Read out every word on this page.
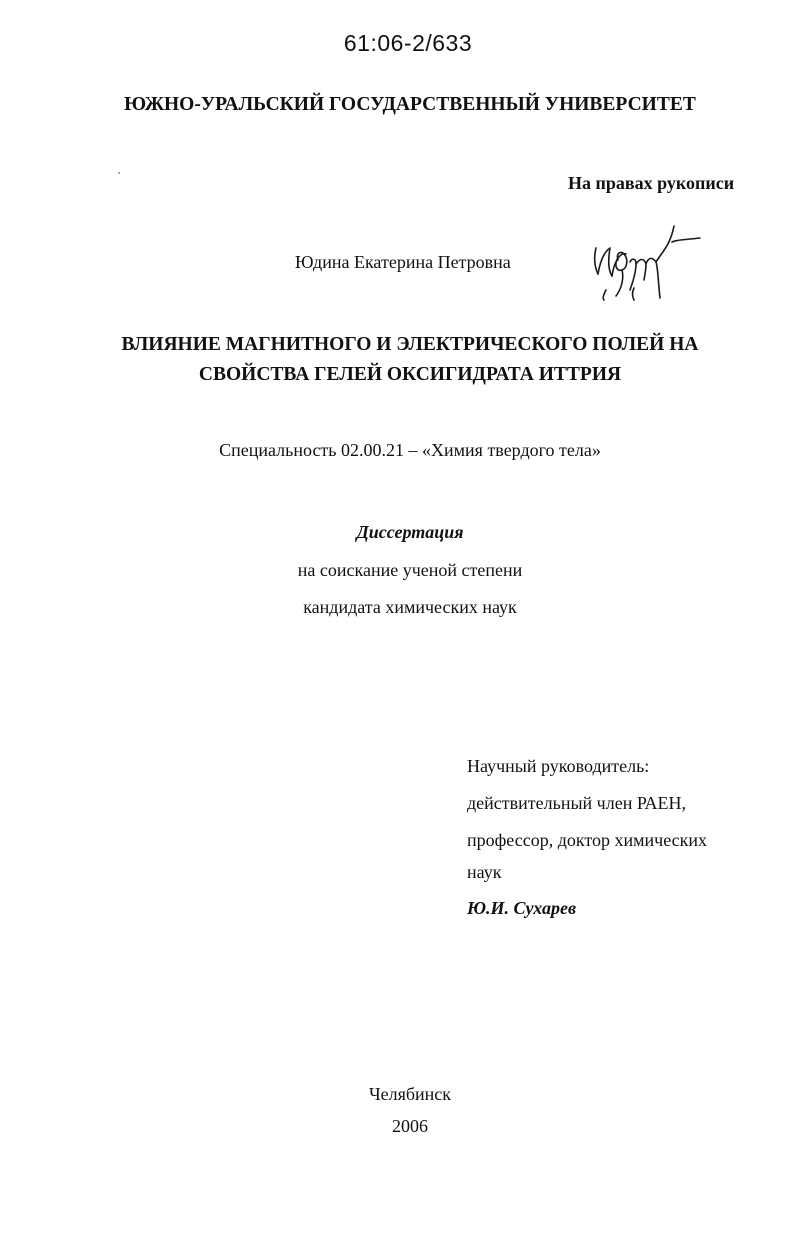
61:06-2/633
ЮЖНО-УРАЛЬСКИЙ ГОСУДАРСТВЕННЫЙ УНИВЕРСИТЕТ
На правах рукописи
Юдина Екатерина Петровна
ВЛИЯНИЕ МАГНИТНОГО И ЭЛЕКТРИЧЕСКОГО ПОЛЕЙ НА
СВОЙСТВА ГЕЛЕЙ ОКСИГИДРАТА ИТТРИЯ
Специальность 02.00.21 – «Химия твердого тела»
Диссертация
на соискание ученой степени
кандидата химических наук
Научный руководитель:
действительный член РАЕН,
профессор, доктор химических
наук
Ю.И. Сухарев
Челябинск
2006
